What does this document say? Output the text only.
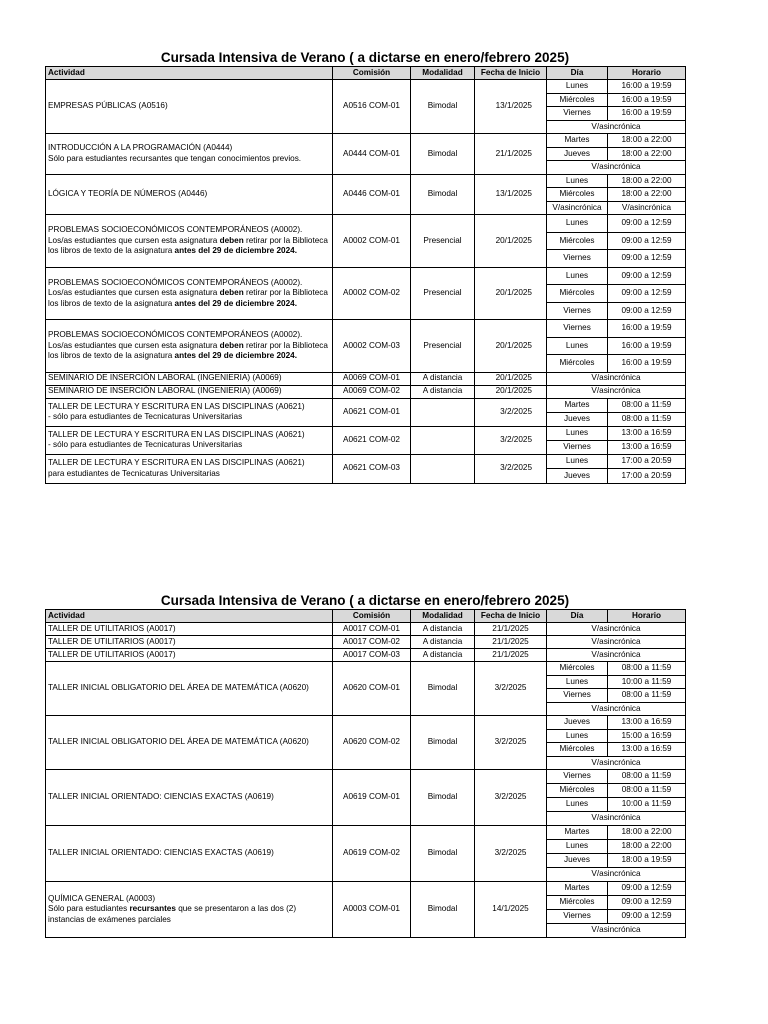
Cursada Intensiva de Verano ( a dictarse en enero/febrero 2025)
Actividad	Comisión	Modalidad	Fecha de Inicio	Día	Horario
EMPRESAS PÚBLICAS (A0516)	A0516 COM-01	Bimodal	13/1/2025	Lunes	16:00 a 19:59
				Miércoles	16:00 a 19:59
				Viernes	16:00 a 19:59
				V/asincrónica	
INTRODUCCIÓN A LA PROGRAMACIÓN (A0444)
Sólo para estudiantes recursantes que tengan conocimientos previos.	A0444 COM-01	Bimodal	21/1/2025	Martes	18:00 a 22:00
				Jueves	18:00 a 22:00
				V/asincrónica	
LÓGICA Y TEORÍA DE NÚMEROS (A0446)	A0446 COM-01	Bimodal	13/1/2025	Lunes	18:00 a 22:00
				Miércoles	18:00 a 22:00
				V/asincrónica	V/asincrónica
PROBLEMAS SOCIOECONÓMICOS CONTEMPORÁNEOS (A0002).
Los/as estudiantes que cursen esta asignatura deben retirar por la Biblioteca los libros de texto de la asignatura antes del 29 de diciembre 2024.	A0002 COM-01	Presencial	20/1/2025	Lunes	09:00 a 12:59
				Miércoles	09:00 a 12:59
				Viernes	09:00 a 12:59
PROBLEMAS SOCIOECONÓMICOS CONTEMPORÁNEOS (A0002).
Los/as estudiantes que cursen esta asignatura deben retirar por la Biblioteca los libros de texto de la asignatura antes del 29 de diciembre 2024.	A0002 COM-02	Presencial	20/1/2025	Lunes	09:00 a 12:59
				Miércoles	09:00 a 12:59
				Viernes	09:00 a 12:59
PROBLEMAS SOCIOECONÓMICOS CONTEMPORÁNEOS (A0002).
Los/as estudiantes que cursen esta asignatura deben retirar por la Biblioteca los libros de texto de la asignatura antes del 29 de diciembre 2024.	A0002 COM-03	Presencial	20/1/2025	Viernes	16:00 a 19:59
				Lunes	16:00 a 19:59
				Miércoles	16:00 a 19:59
SEMINARIO DE INSERCIÓN LABORAL (INGENIERIA) (A0069)	A0069 COM-01	A distancia	20/1/2025	V/asincrónica	
SEMINARIO DE INSERCIÓN LABORAL (INGENIERIA) (A0069)	A0069 COM-02	A distancia	20/1/2025	V/asincrónica	
TALLER DE LECTURA Y ESCRITURA EN LAS DISCIPLINAS (A0621)
- sólo para estudiantes de Tecnicaturas Universitarias	A0621 COM-01		3/2/2025	Martes	08:00 a 11:59
				Jueves	08:00 a 11:59
TALLER DE LECTURA Y ESCRITURA EN LAS DISCIPLINAS (A0621)
- sólo para estudiantes de Tecnicaturas Universitarias	A0621 COM-02		3/2/2025	Lunes	13:00 a 16:59
				Viernes	13:00 a 16:59
TALLER DE LECTURA Y ESCRITURA EN LAS DISCIPLINAS (A0621)
para estudiantes de Tecnicaturas Universitarias	A0621 COM-03		3/2/2025	Lunes	17:00 a 20:59
				Jueves	17:00 a 20:59
Cursada Intensiva de Verano ( a dictarse en enero/febrero 2025)
Actividad	Comisión	Modalidad	Fecha de Inicio	Día	Horario
TALLER DE UTILITARIOS (A0017)	A0017 COM-01	A distancia	21/1/2025	V/asincrónica	
TALLER DE UTILITARIOS (A0017)	A0017 COM-02	A distancia	21/1/2025	V/asincrónica	
TALLER DE UTILITARIOS (A0017)	A0017 COM-03	A distancia	21/1/2025	V/asincrónica	
TALLER INICIAL OBLIGATORIO DEL ÁREA DE MATEMÁTICA (A0620)	A0620 COM-01	Bimodal	3/2/2025	Miércoles	08:00 a 11:59
				Lunes	10:00 a 11:59
				Viernes	08:00 a 11:59
				V/asincrónica	
TALLER INICIAL OBLIGATORIO DEL ÁREA DE MATEMÁTICA (A0620)	A0620 COM-02	Bimodal	3/2/2025	Jueves	13:00 a 16:59
				Lunes	15:00 a 16:59
				Miércoles	13:00 a 16:59
				V/asincrónica	
TALLER INICIAL ORIENTADO: CIENCIAS EXACTAS (A0619)	A0619 COM-01	Bimodal	3/2/2025	Viernes	08:00 a 11:59
				Miércoles	08:00 a 11:59
				Lunes	10:00 a 11:59
				V/asincrónica	
TALLER INICIAL ORIENTADO: CIENCIAS EXACTAS (A0619)	A0619 COM-02	Bimodal	3/2/2025	Martes	18:00 a 22:00
				Lunes	18:00 a 22:00
				Jueves	18:00 a 19:59
				V/asincrónica	
QUÍMICA GENERAL (A0003)
Sólo para estudiantes recursantes que se presentaron a las dos (2) instancias de exámenes parciales	A0003 COM-01	Bimodal	14/1/2025	Martes	09:00 a 12:59
				Miércoles	09:00 a 12:59
				Viernes	09:00 a 12:59
				V/asincrónica	
